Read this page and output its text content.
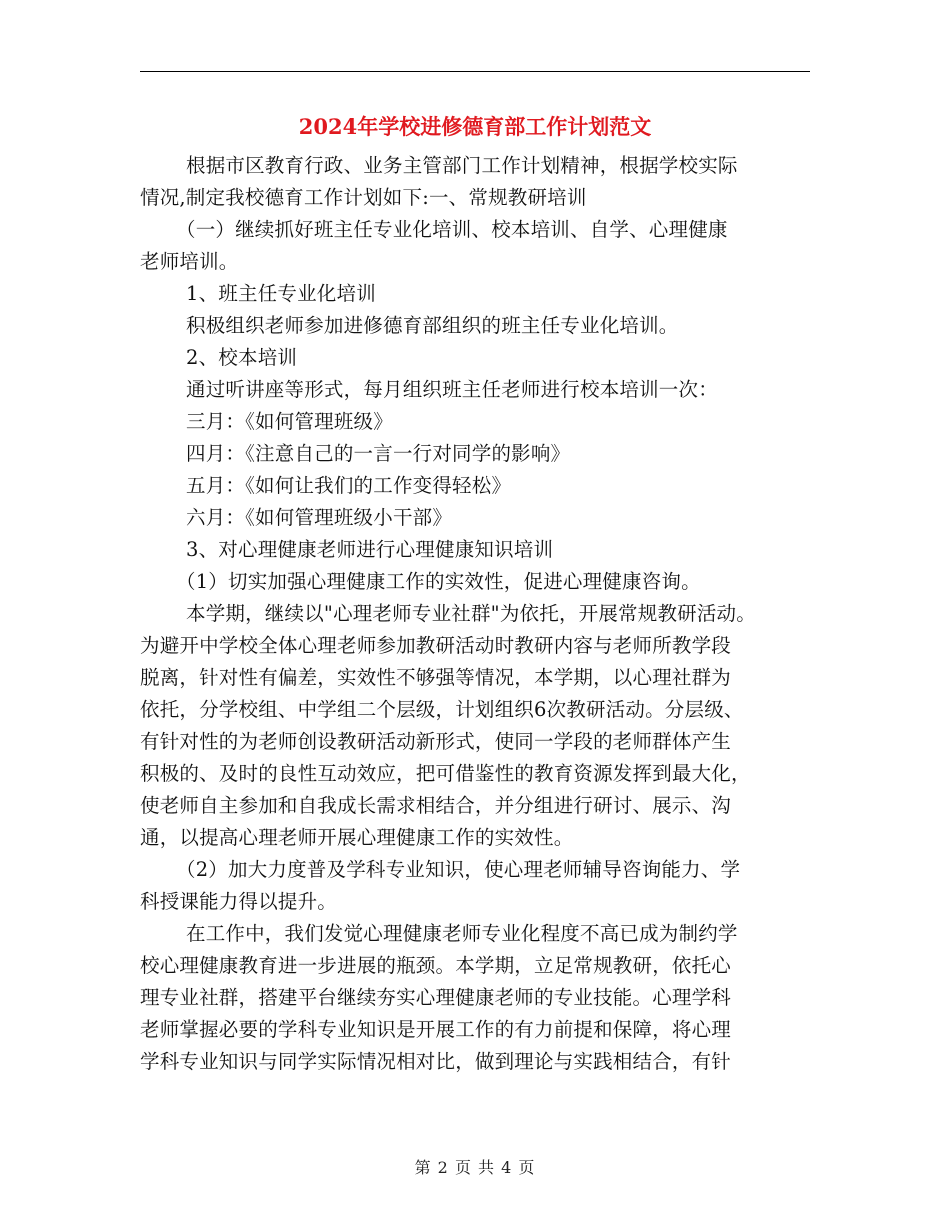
2024年学校进修德育部工作计划范文
根据市区教育行政、业务主管部门工作计划精神，根据学校实际
情况,制定我校德育工作计划如下:一、常规教研培训
（一）继续抓好班主任专业化培训、校本培训、自学、心理健康
老师培训。
1、班主任专业化培训
积极组织老师参加进修德育部组织的班主任专业化培训。
2、校本培训
通过听讲座等形式，每月组织班主任老师进行校本培训一次：
三月：《如何管理班级》
四月：《注意自己的一言一行对同学的影响》
五月：《如何让我们的工作变得轻松》
六月：《如何管理班级小干部》
3、对心理健康老师进行心理健康知识培训
（1）切实加强心理健康工作的实效性，促进心理健康咨询。
本学期，继续以"心理老师专业社群"为依托，开展常规教研活动。
为避开中学校全体心理老师参加教研活动时教研内容与老师所教学段
脱离，针对性有偏差，实效性不够强等情况，本学期，以心理社群为
依托，分学校组、中学组二个层级，计划组织6次教研活动。分层级、
有针对性的为老师创设教研活动新形式，使同一学段的老师群体产生
积极的、及时的良性互动效应，把可借鉴性的教育资源发挥到最大化，
使老师自主参加和自我成长需求相结合，并分组进行研讨、展示、沟
通，以提高心理老师开展心理健康工作的实效性。
（2）加大力度普及学科专业知识，使心理老师辅导咨询能力、学
科授课能力得以提升。
在工作中，我们发觉心理健康老师专业化程度不高已成为制约学
校心理健康教育进一步进展的瓶颈。本学期，立足常规教研，依托心
理专业社群，搭建平台继续夯实心理健康老师的专业技能。心理学科
老师掌握必要的学科专业知识是开展工作的有力前提和保障，将心理
学科专业知识与同学实际情况相对比，做到理论与实践相结合，有针
第 2 页 共 4 页
